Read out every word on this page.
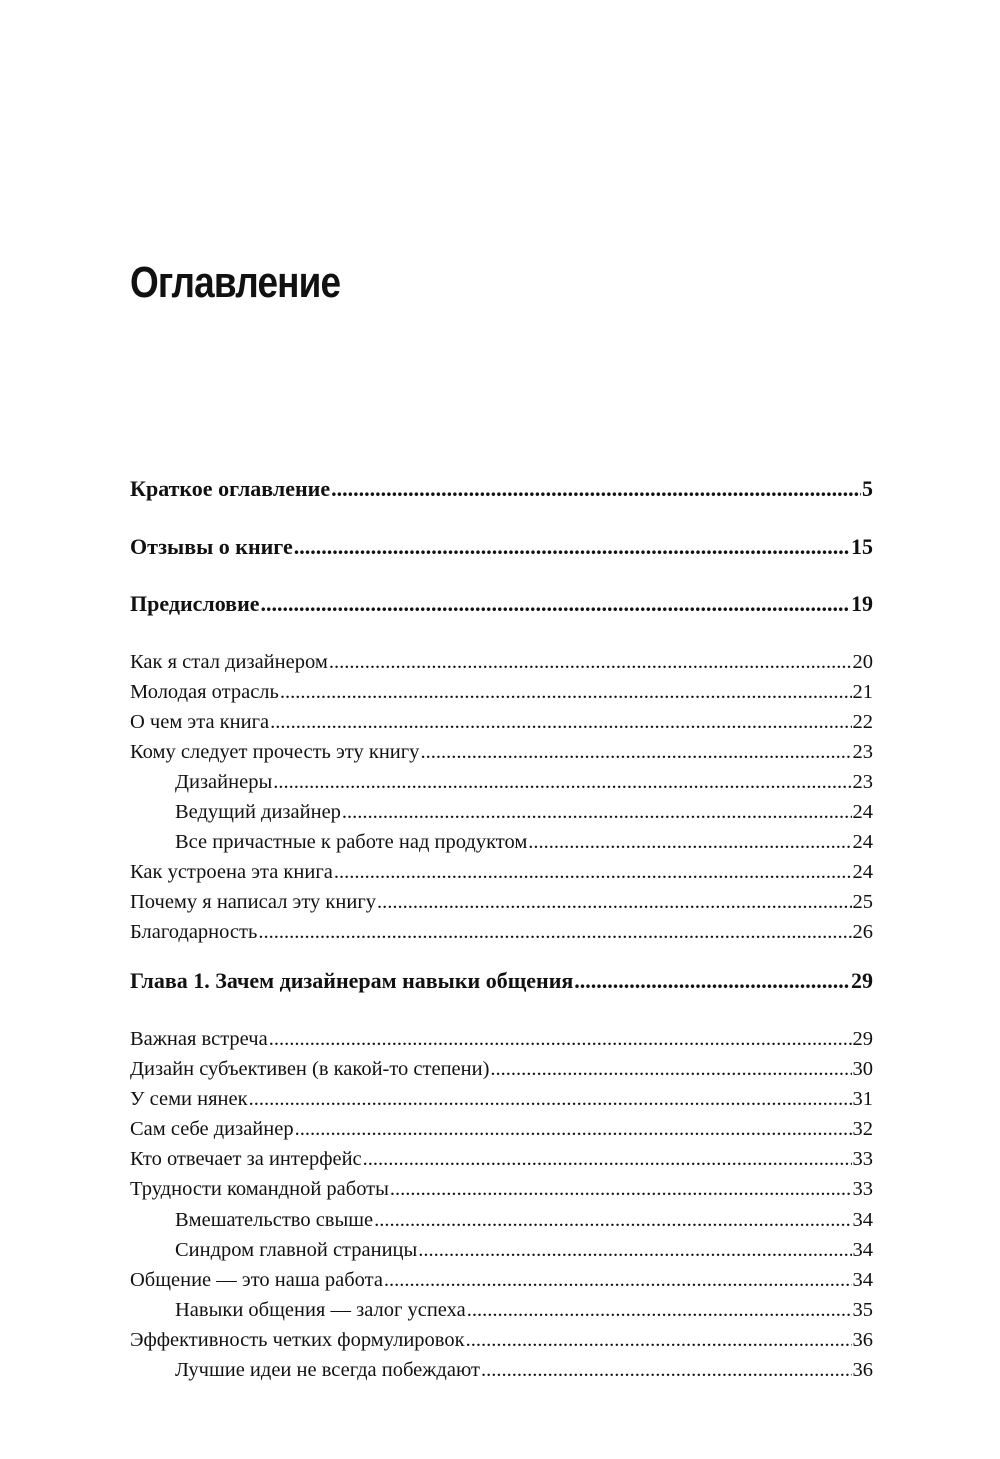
Оглавление
Краткое оглавление .....	5
Отзывы о книге .....	15
Предисловие .....	19
Как я стал дизайнером .....	20
Молодая отрасль .....	21
О чем эта книга .....	22
Кому следует прочесть эту книгу .....	23
Дизайнеры .....	23
Ведущий дизайнер .....	24
Все причастные к работе над продуктом .....	24
Как устроена эта книга .....	24
Почему я написал эту книгу .....	25
Благодарность .....	26
Глава 1. Зачем дизайнерам навыки общения .....	29
Важная встреча .....	29
Дизайн субъективен (в какой-то степени) .....	30
У семи нянек .....	31
Сам себе дизайнер .....	32
Кто отвечает за интерфейс .....	33
Трудности командной работы .....	33
Вмешательство свыше .....	34
Синдром главной страницы .....	34
Общение — это наша работа .....	34
Навыки общения — залог успеха .....	35
Эффективность четких формулировок .....	36
Лучшие идеи не всегда побеждают .....	36
